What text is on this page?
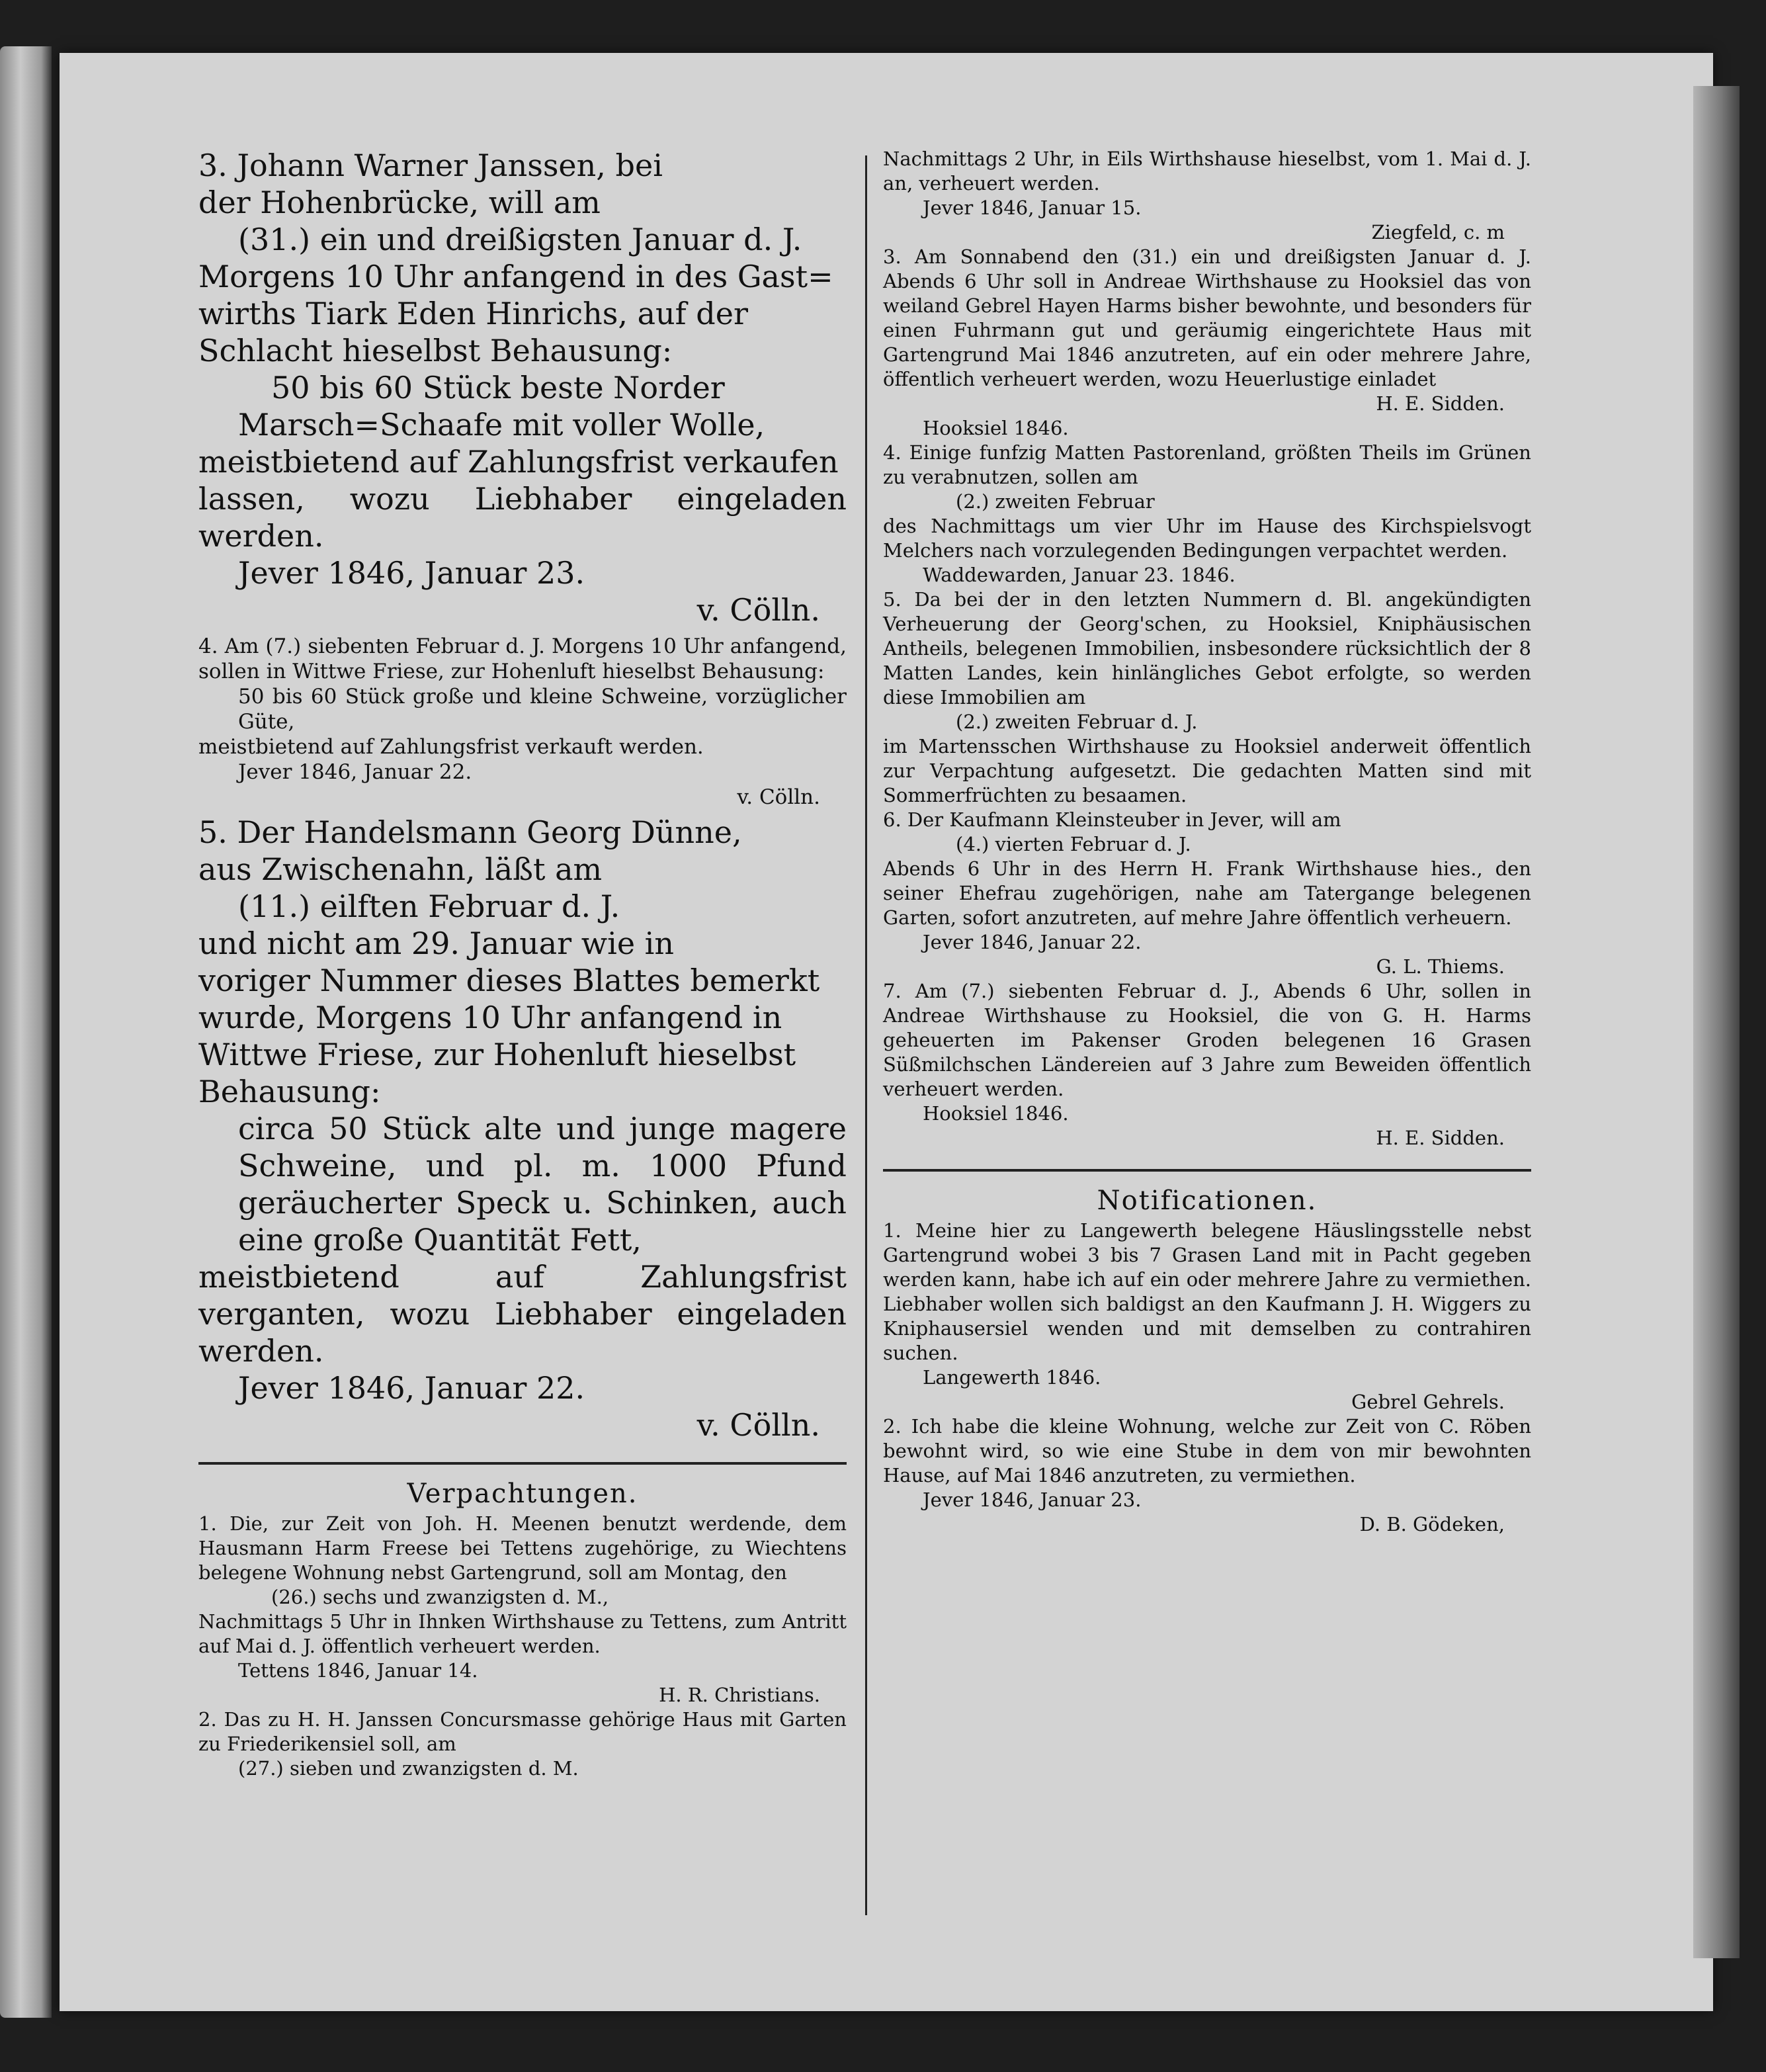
3. Johann Warner Janssen, bei

der Hohenbrücke, will am

(31.) ein und dreißigsten Januar d. J.

Morgens 10 Uhr anfangend in des Gast=

wirths Tiark Eden Hinrichs, auf der

Schlacht hieselbst Behausung:

50 bis 60 Stück beste Norder

Marsch=Schaafe mit voller Wolle,

meistbietend auf Zahlungsfrist verkaufen

lassen, wozu Liebhaber eingeladen werden.

Jever 1846, Januar 23.

v. Cölln.

4. Am (7.) siebenten Februar d. J. Morgens 10 Uhr anfangend, sollen in Wittwe Friese, zur Hohenluft hieselbst Behausung:

50 bis 60 Stück große und kleine Schweine, vorzüglicher Güte,

meistbietend auf Zahlungsfrist verkauft werden.

Jever 1846, Januar 22.

v. Cölln.

5. Der Handelsmann Georg Dünne,

aus Zwischenahn, läßt am

(11.) eilften Februar d. J.

und nicht am 29. Januar wie in

voriger Nummer dieses Blattes bemerkt

wurde, Morgens 10 Uhr anfangend in

Wittwe Friese, zur Hohenluft hieselbst

Behausung:

circa 50 Stück alte und junge magere Schweine, und pl. m. 1000 Pfund geräucherter Speck u. Schinken, auch eine große Quantität Fett,

meistbietend auf Zahlungsfrist verganten, wozu Liebhaber eingeladen werden.

Jever 1846, Januar 22.

v. Cölln.

Verpachtungen.

1. Die, zur Zeit von Joh. H. Meenen benutzt werdende, dem Hausmann Harm Freese bei Tettens zugehörige, zu Wiechtens belegene Wohnung nebst Gartengrund, soll am Montag, den

(26.) sechs und zwanzigsten d. M.,

Nachmittags 5 Uhr in Ihnken Wirthshause zu Tettens, zum Antritt auf Mai d. J. öffentlich verheuert werden.

Tettens 1846, Januar 14.

H. R. Christians.

2. Das zu H. H. Janssen Concursmasse gehörige Haus mit Garten zu Friederikensiel soll, am

(27.) sieben und zwanzigsten d. M.

Nachmittags 2 Uhr, in Eils Wirthshause hieselbst, vom 1. Mai d. J. an, verheuert werden.

Jever 1846, Januar 15.

Ziegfeld, c. m

3. Am Sonnabend den (31.) ein und dreißigsten Januar d. J. Abends 6 Uhr soll in Andreae Wirthshause zu Hooksiel das von weiland Gebrel Hayen Harms bisher bewohnte, und besonders für einen Fuhrmann gut und geräumig eingerichtete Haus mit Gartengrund Mai 1846 anzutreten, auf ein oder mehrere Jahre, öffentlich verheuert werden, wozu Heuerlustige einladet

H. E. Sidden.

Hooksiel 1846.

4. Einige funfzig Matten Pastorenland, größten Theils im Grünen zu verabnutzen, sollen am

(2.) zweiten Februar

des Nachmittags um vier Uhr im Hause des Kirchspielsvogt Melchers nach vorzulegenden Bedingungen verpachtet werden.

Waddewarden, Januar 23. 1846.

5. Da bei der in den letzten Nummern d. Bl. angekündigten Verheuerung der Georg'schen, zu Hooksiel, Kniphäusischen Antheils, belegenen Immobilien, insbesondere rücksichtlich der 8 Matten Landes, kein hinlängliches Gebot erfolgte, so werden diese Immobilien am

(2.) zweiten Februar d. J.

im Martensschen Wirthshause zu Hooksiel anderweit öffentlich zur Verpachtung aufgesetzt. Die gedachten Matten sind mit Sommerfrüchten zu besaamen.

6. Der Kaufmann Kleinsteuber in Jever, will am

(4.) vierten Februar d. J.

Abends 6 Uhr in des Herrn H. Frank Wirthshause hies., den seiner Ehefrau zugehörigen, nahe am Tatergange belegenen Garten, sofort anzutreten, auf mehre Jahre öffentlich verheuern.

Jever 1846, Januar 22.

G. L. Thiems.

7. Am (7.) siebenten Februar d. J., Abends 6 Uhr, sollen in Andreae Wirthshause zu Hooksiel, die von G. H. Harms geheuerten im Pakenser Groden belegenen 16 Grasen Süßmilchschen Ländereien auf 3 Jahre zum Beweiden öffentlich verheuert werden.

Hooksiel 1846.

H. E. Sidden.

Notificationen.

1. Meine hier zu Langewerth belegene Häuslingsstelle nebst Gartengrund wobei 3 bis 7 Grasen Land mit in Pacht gegeben werden kann, habe ich auf ein oder mehrere Jahre zu vermiethen. Liebhaber wollen sich baldigst an den Kaufmann J. H. Wiggers zu Kniphausersiel wenden und mit demselben zu contrahiren suchen.

Langewerth 1846.

Gebrel Gehrels.

2. Ich habe die kleine Wohnung, welche zur Zeit von C. Röben bewohnt wird, so wie eine Stube in dem von mir bewohnten Hause, auf Mai 1846 anzutreten, zu vermiethen.

Jever 1846, Januar 23.

D. B. Gödeken,
